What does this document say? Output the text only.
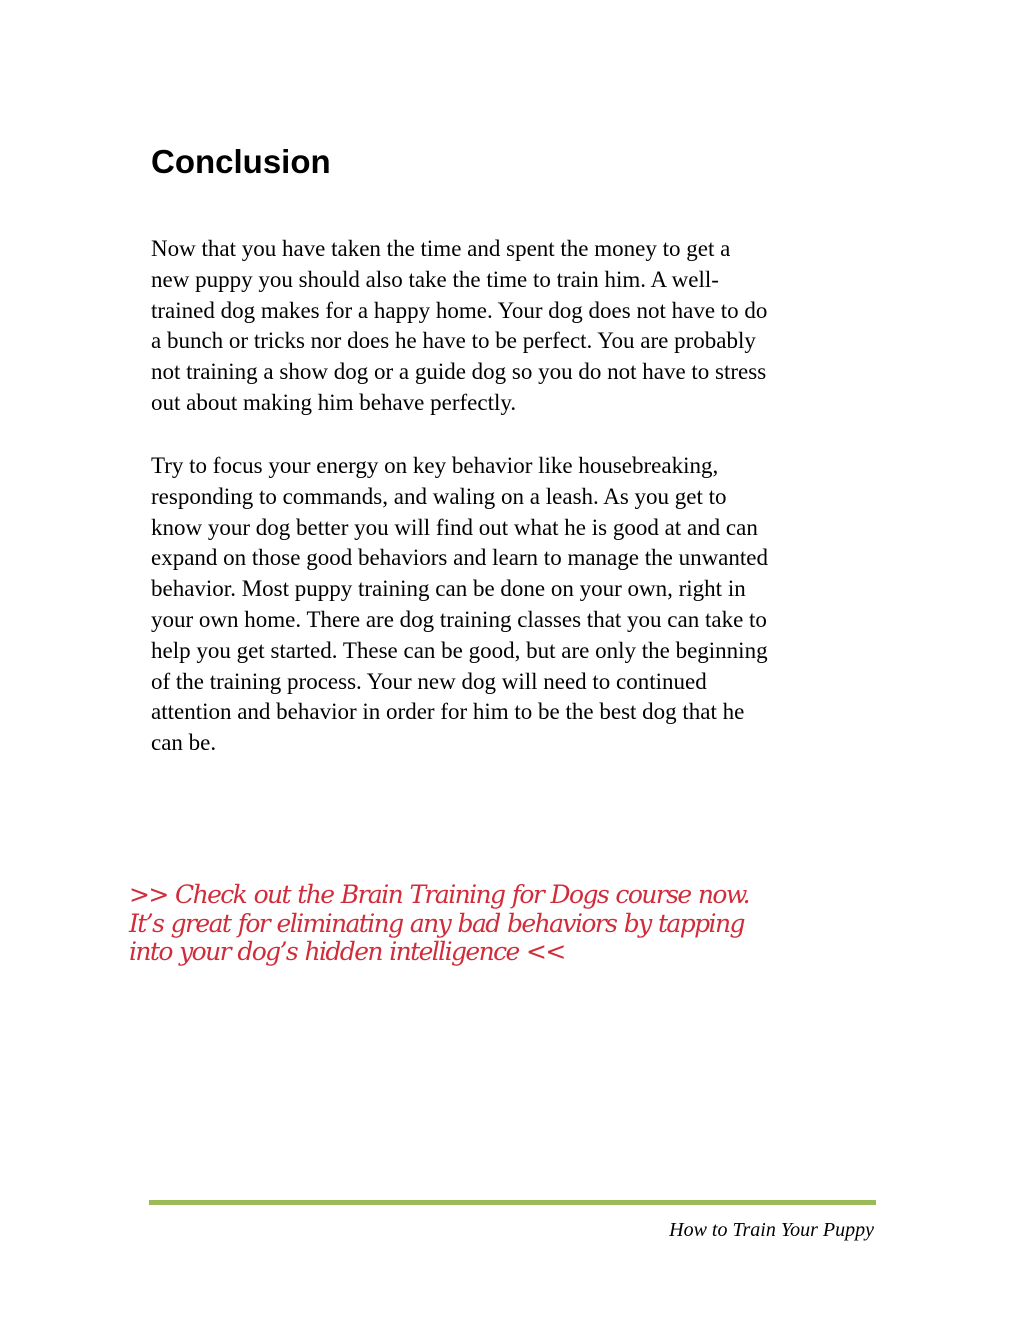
Conclusion
Now that you have taken the time and spent the money to get a
new puppy you should also take the time to train him. A well-
trained dog makes for a happy home. Your dog does not have to do
a bunch or tricks nor does he have to be perfect. You are probably
not training a show dog or a guide dog so you do not have to stress
out about making him behave perfectly.
Try to focus your energy on key behavior like housebreaking,
responding to commands, and waling on a leash. As you get to
know your dog better you will find out what he is good at and can
expand on those good behaviors and learn to manage the unwanted
behavior. Most puppy training can be done on your own, right in
your own home. There are dog training classes that you can take to
help you get started. These can be good, but are only the beginning
of the training process. Your new dog will need to continued
attention and behavior in order for him to be the best dog that he
can be.
>> Check out the Brain Training for Dogs course now.
It’s great for eliminating any bad behaviors by tapping
into your dog’s hidden intelligence <<
How to Train Your Puppy
